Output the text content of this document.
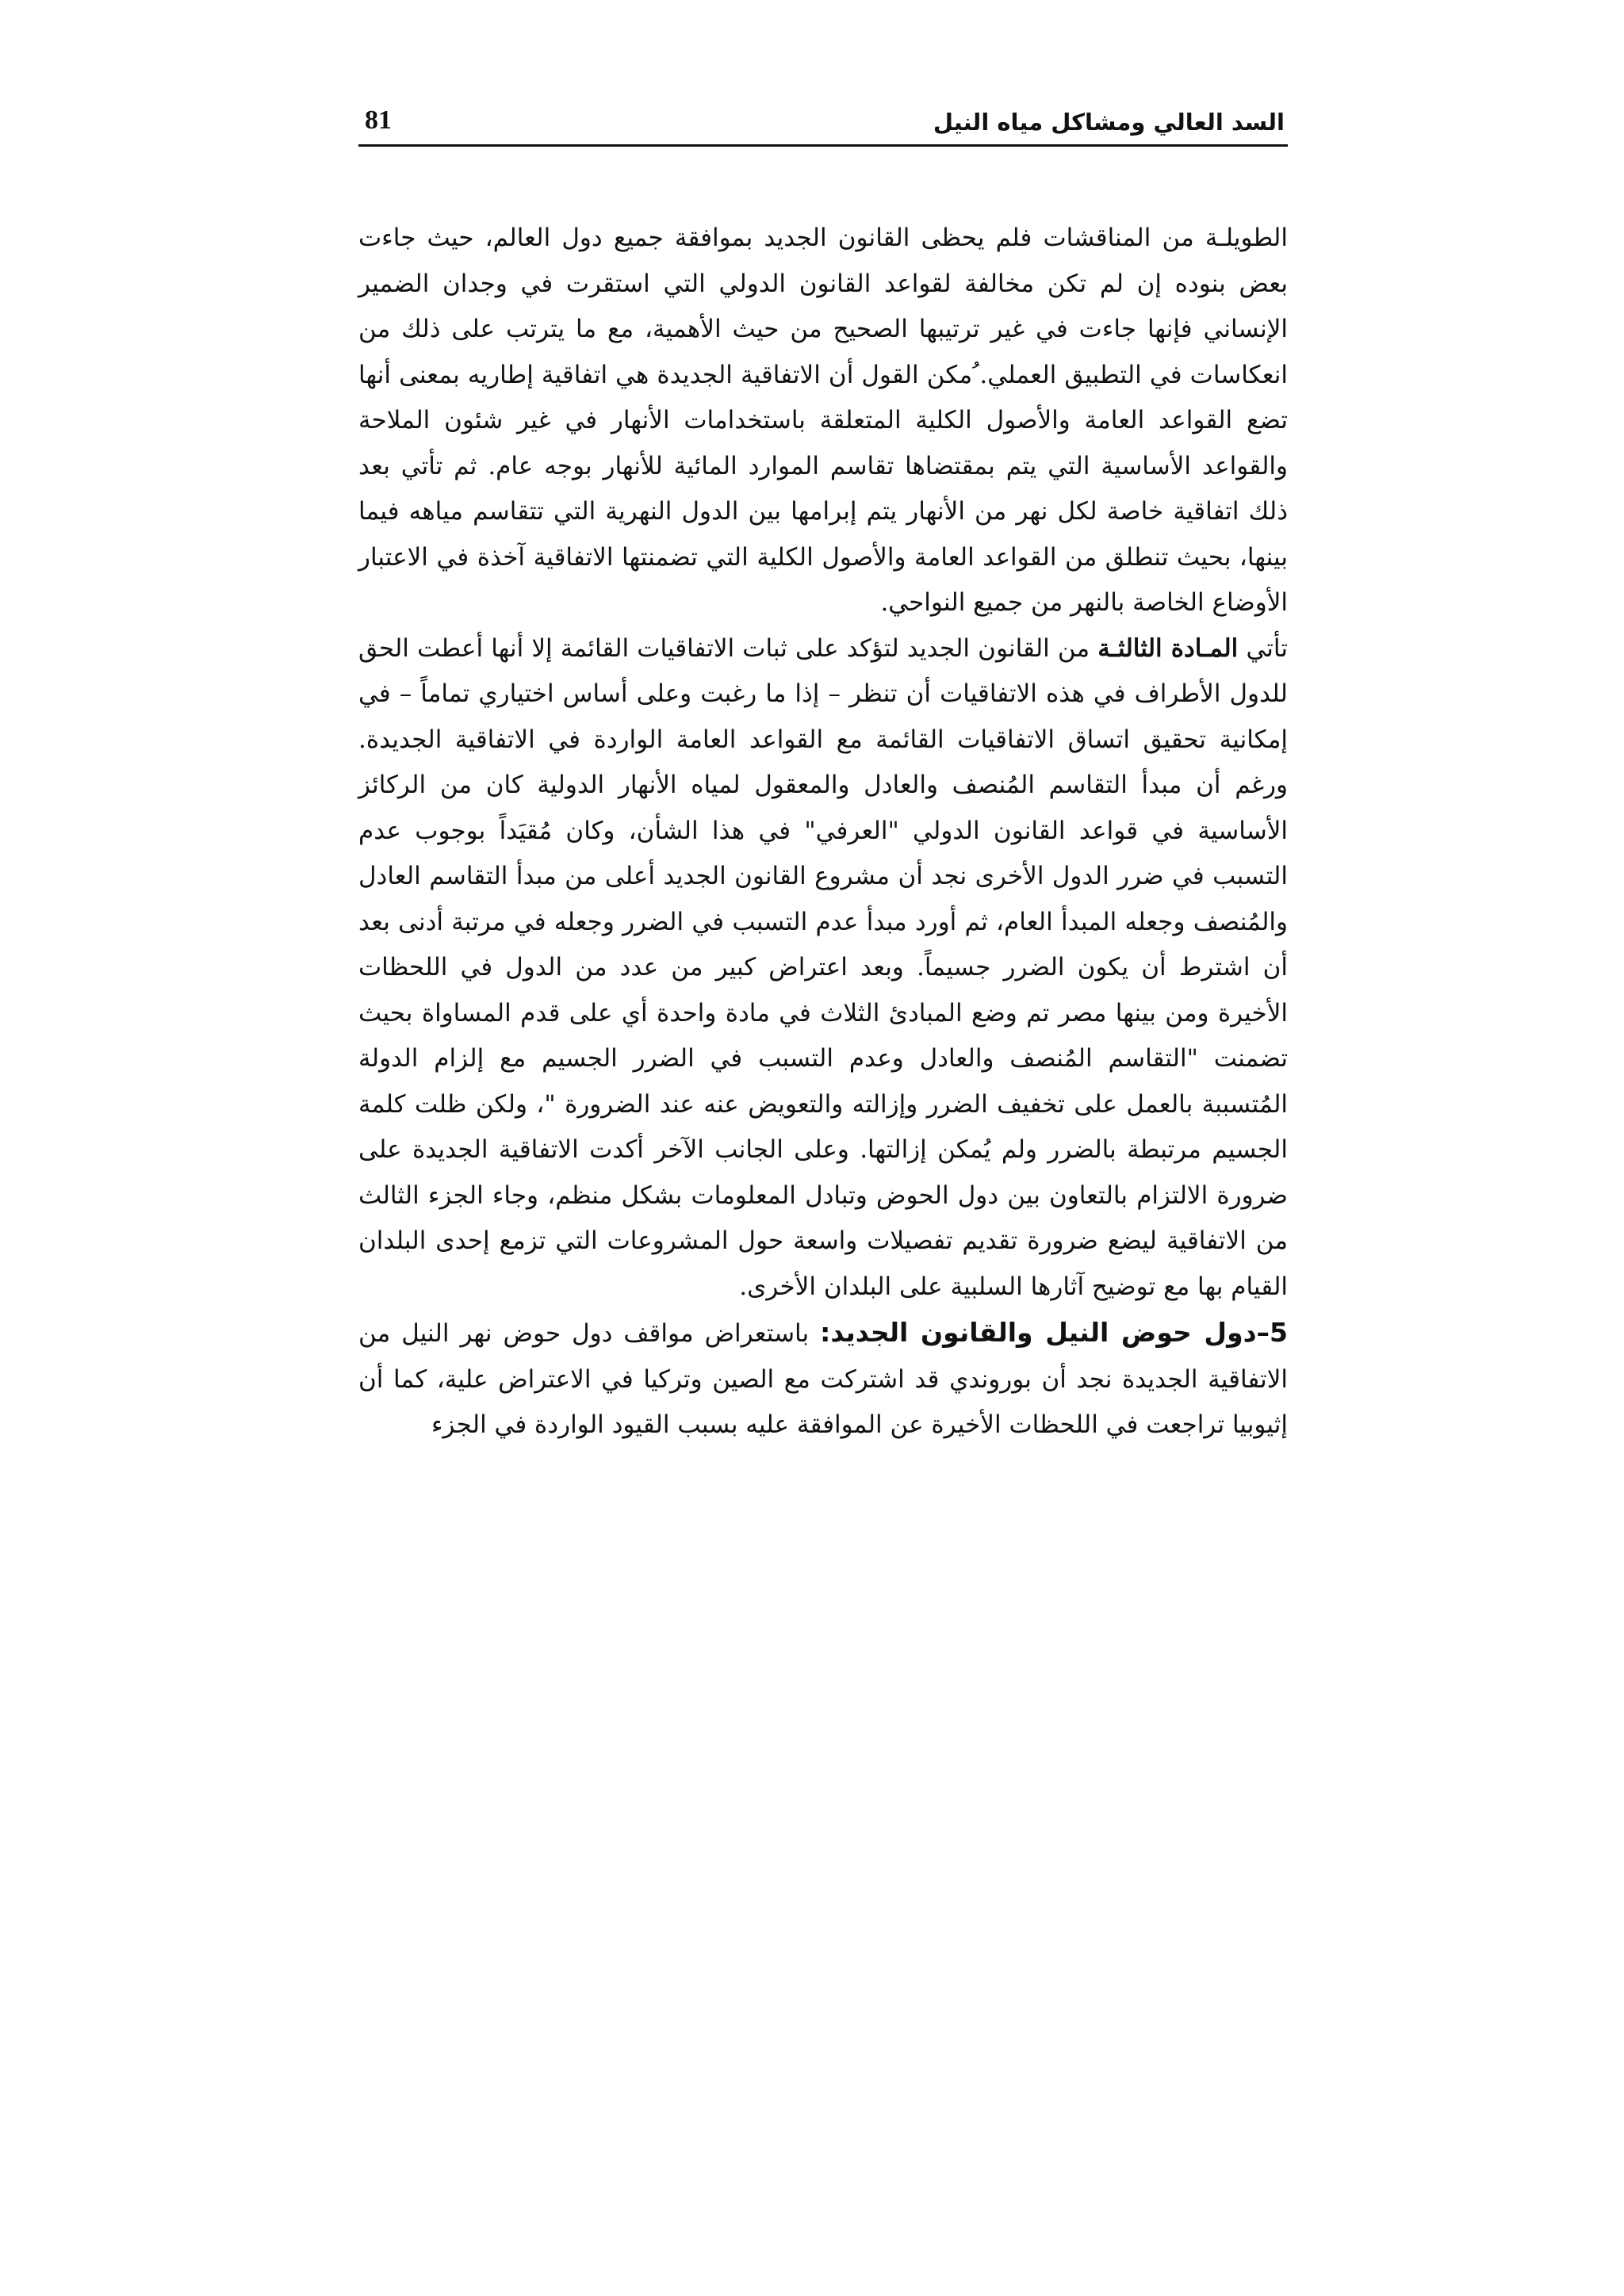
السد العالي ومشاكل مياه النيل
81

الطويلـة من المناقشات فلم يحظى القانون الجديد بموافقة جميع دول العالم، حيث جاءت بعض بنوده إن لم تكن مخالفة لقواعد القانون الدولي التي استقرت في وجدان الضمير الإنساني فإنها جاءت في غير ترتيبها الصحيح من حيث الأهمية، مع ما يترتب على ذلك من انعكاسات في التطبيق العملي. ُمكن القول أن الاتفاقية الجديدة هي اتفاقية إطاريه بمعنى أنها تضع القواعد العامة والأصول الكلية المتعلقة باستخدامات الأنهار في غير شئون الملاحة والقواعد الأساسية التي يتم بمقتضاها تقاسم الموارد المائية للأنهار بوجه عام. ثم تأتي بعد ذلك اتفاقية خاصة لكل نهر من الأنهار يتم إبرامها بين الدول النهرية التي تتقاسم مياهه فيما بينها، بحيث تنطلق من القواعد العامة والأصول الكلية التي تضمنتها الاتفاقية آخذة في الاعتبار الأوضاع الخاصة بالنهر من جميع النواحي.

تأتي المـادة الثالثـة من القانون الجديد لتؤكد على ثبات الاتفاقيات القائمة إلا أنها أعطت الحق للدول الأطراف في هذه الاتفاقيات أن تنظر – إذا ما رغبت وعلى أساس اختياري تماماً – في إمكانية تحقيق اتساق الاتفاقيات القائمة مع القواعد العامة الواردة في الاتفاقية الجديدة. ورغم أن مبدأ التقاسم المُنصف والعادل والمعقول لمياه الأنهار الدولية كان من الركائز الأساسية في قواعد القانون الدولي "العرفي" في هذا الشأن، وكان مُقيَداً بوجوب عدم التسبب في ضرر الدول الأخرى نجد أن مشروع القانون الجديد أعلى من مبدأ التقاسم العادل والمُنصف وجعله المبدأ العام، ثم أورد مبدأ عدم التسبب في الضرر وجعله في مرتبة أدنى بعد أن اشترط أن يكون الضرر جسيماً. وبعد اعتراض كبير من عدد من الدول في اللحظات الأخيرة ومن بينها مصر تم وضع المبادئ الثلاث في مادة واحدة أي على قدم المساواة بحيث تضمنت "التقاسم المُنصف والعادل وعدم التسبب في الضرر الجسيم مع إلزام الدولة المُتسببة بالعمل على تخفيف الضرر وإزالته والتعويض عنه عند الضرورة "، ولكن ظلت كلمة الجسيم مرتبطة بالضرر ولم يُمكن إزالتها. وعلى الجانب الآخر أكدت الاتفاقية الجديدة على ضرورة الالتزام بالتعاون بين دول الحوض وتبادل المعلومات بشكل منظم، وجاء الجزء الثالث من الاتفاقية ليضع ضرورة تقديم تفصيلات واسعة حول المشروعات التي تزمع إحدى البلدان القيام بها مع توضيح آثارها السلبية على البلدان الأخرى.

5–دول حوض النيل والقانون الجديد: باستعراض مواقف دول حوض نهر النيل من الاتفاقية الجديدة نجد أن بوروندي قد اشتركت مع الصين وتركيا في الاعتراض علية، كما أن إثيوبيا تراجعت في اللحظات الأخيرة عن الموافقة عليه بسبب القيود الواردة في الجزء
